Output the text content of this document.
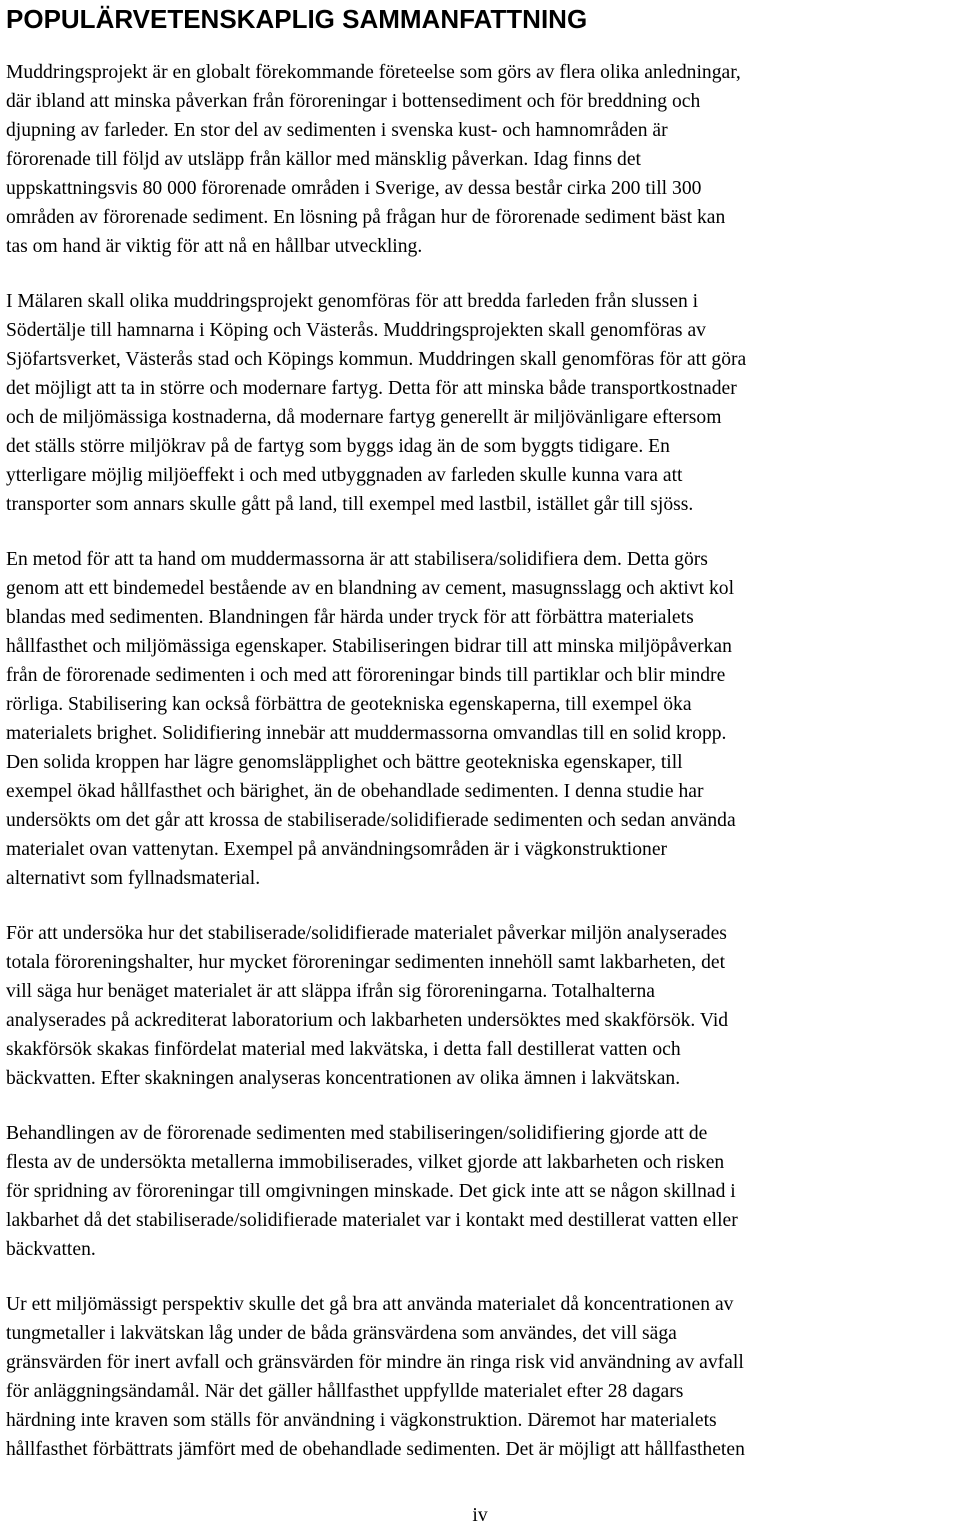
POPULÄRVETENSKAPLIG SAMMANFATTNING

Muddringsprojekt är en globalt förekommande företeelse som görs av flera olika anledningar,
där ibland att minska påverkan från föroreningar i bottensediment och för breddning och
djupning av farleder. En stor del av sedimenten i svenska kust- och hamnområden är
förorenade till följd av utsläpp från källor med mänsklig påverkan. Idag finns det
uppskattningsvis 80 000 förorenade områden i Sverige, av dessa består cirka 200 till 300
områden av förorenade sediment. En lösning på frågan hur de förorenade sediment bäst kan
tas om hand är viktig för att nå en hållbar utveckling.

I Mälaren skall olika muddringsprojekt genomföras för att bredda farleden från slussen i
Södertälje till hamnarna i Köping och Västerås. Muddringsprojekten skall genomföras av
Sjöfartsverket, Västerås stad och Köpings kommun. Muddringen skall genomföras för att göra
det möjligt att ta in större och modernare fartyg. Detta för att minska både transportkostnader
och de miljömässiga kostnaderna, då modernare fartyg generellt är miljövänligare eftersom
det ställs större miljökrav på de fartyg som byggs idag än de som byggts tidigare. En
ytterligare möjlig miljöeffekt i och med utbyggnaden av farleden skulle kunna vara att
transporter som annars skulle gått på land, till exempel med lastbil, istället går till sjöss.

En metod för att ta hand om muddermassorna är att stabilisera/solidifiera dem. Detta görs
genom att ett bindemedel bestående av en blandning av cement, masugnsslagg och aktivt kol
blandas med sedimenten. Blandningen får härda under tryck för att förbättra materialets
hållfasthet och miljömässiga egenskaper. Stabiliseringen bidrar till att minska miljöpåverkan
från de förorenade sedimenten i och med att föroreningar binds till partiklar och blir mindre
rörliga. Stabilisering kan också förbättra de geotekniska egenskaperna, till exempel öka
materialets brighet. Solidifiering innebär att muddermassorna omvandlas till en solid kropp.
Den solida kroppen har lägre genomsläpplighet och bättre geotekniska egenskaper, till
exempel ökad hållfasthet och bärighet, än de obehandlade sedimenten. I denna studie har
undersökts om det går att krossa de stabiliserade/solidifierade sedimenten och sedan använda
materialet ovan vattenytan. Exempel på användningsområden är i vägkonstruktioner
alternativt som fyllnadsmaterial.

För att undersöka hur det stabiliserade/solidifierade materialet påverkar miljön analyserades
totala föroreningshalter, hur mycket föroreningar sedimenten innehöll samt lakbarheten, det
vill säga hur benäget materialet är att släppa ifrån sig föroreningarna. Totalhalterna
analyserades på ackrediterat laboratorium och lakbarheten undersöktes med skakförsök. Vid
skakförsök skakas finfördelat material med lakvätska, i detta fall destillerat vatten och
bäckvatten. Efter skakningen analyseras koncentrationen av olika ämnen i lakvätskan.

Behandlingen av de förorenade sedimenten med stabiliseringen/solidifiering gjorde att de
flesta av de undersökta metallerna immobiliserades, vilket gjorde att lakbarheten och risken
för spridning av föroreningar till omgivningen minskade. Det gick inte att se någon skillnad i
lakbarhet då det stabiliserade/solidifierade materialet var i kontakt med destillerat vatten eller
bäckvatten.

Ur ett miljömässigt perspektiv skulle det gå bra att använda materialet då koncentrationen av
tungmetaller i lakvätskan låg under de båda gränsvärdena som användes, det vill säga
gränsvärden för inert avfall och gränsvärden för mindre än ringa risk vid användning av avfall
för anläggningsändamål. När det gäller hållfasthet uppfyllde materialet efter 28 dagars
härdning inte kraven som ställs för användning i vägkonstruktion. Däremot har materialets
hållfasthet förbättrats jämfört med de obehandlade sedimenten. Det är möjligt att hållfastheten

iv
